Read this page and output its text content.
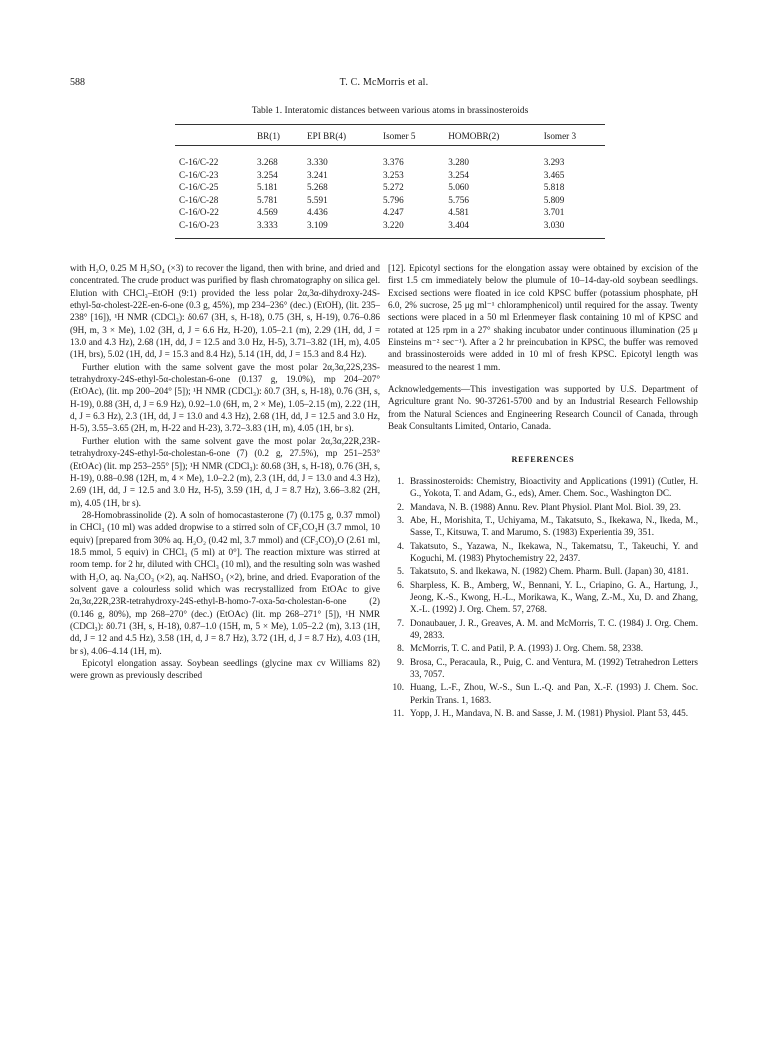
588	T. C. McMorris et al.
Table 1. Interatomic distances between various atoms in brassinosteroids
	BR(1)	EPI BR(4)	Isomer 5	HOMOBR(2)	Isomer 3
C-16/C-22	3.268	3.330	3.376	3.280	3.293
C-16/C-23	3.254	3.241	3.253	3.254	3.465
C-16/C-25	5.181	5.268	5.272	5.060	5.818
C-16/C-28	5.781	5.591	5.796	5.756	5.809
C-16/O-22	4.569	4.436	4.247	4.581	3.701
C-16/O-23	3.333	3.109	3.220	3.404	3.030

with H₂O, 0.25 M H₂SO₄ (×3) to recover the ligand, then with brine, and dried and concentrated. The crude product was purified by flash chromatography on silica gel. Elution with CHCl₃–EtOH (9:1) provided the less polar 2α,3α-dihydroxy-24S-ethyl-5α-cholest-22E-en-6-one (0.3 g, 45%), mp 234–236° (dec.) (EtOH), (lit. 235–238° [16]), ¹H NMR (CDCl₃): δ0.67 (3H, s, H-18), 0.75 (3H, s, H-19), 0.76–0.86 (9H, m, 3 × Me), 1.02 (3H, d, J = 6.6 Hz, H-20), 1.05–2.1 (m), 2.29 (1H, dd, J = 13.0 and 4.3 Hz), 2.68 (1H, dd, J = 12.5 and 3.0 Hz, H-5), 3.71–3.82 (1H, m), 4.05 (1H, brs), 5.02 (1H, dd, J = 15.3 and 8.4 Hz), 5.14 (1H, dd, J = 15.3 and 8.4 Hz).

Further elution with the same solvent gave the most polar 2α,3α,22S,23S-tetrahydroxy-24S-ethyl-5α-cholestan-6-one (0.137 g, 19.0%), mp 204–207° (EtOAc), (lit. mp 200–204° [5]); ¹H NMR (CDCl₃): δ0.7 (3H, s, H-18), 0.76 (3H, s, H-19), 0.88 (3H, d, J = 6.9 Hz), 0.92–1.0 (6H, m, 2 × Me), 1.05–2.15 (m), 2.22 (1H, d, J = 6.3 Hz), 2.3 (1H, dd, J = 13.0 and 4.3 Hz), 2.68 (1H, dd, J = 12.5 and 3.0 Hz, H-5), 3.55–3.65 (2H, m, H-22 and H-23), 3.72–3.83 (1H, m), 4.05 (1H, br s).

Further elution with the same solvent gave the most polar 2α,3α,22R,23R-tetrahydroxy-24S-ethyl-5α-cholestan-6-one (7) (0.2 g, 27.5%), mp 251–253° (EtOAc) (lit. mp 253–255° [5]); ¹H NMR (CDCl₃): δ0.68 (3H, s, H-18), 0.76 (3H, s, H-19), 0.88–0.98 (12H, m, 4 × Me), 1.0–2.2 (m), 2.3 (1H, dd, J = 13.0 and 4.3 Hz), 2.69 (1H, dd, J = 12.5 and 3.0 Hz, H-5), 3.59 (1H, d, J = 8.7 Hz), 3.66–3.82 (2H, m), 4.05 (1H, br s).

28-Homobrassinolide (2). A soln of homocastasterone (7) (0.175 g, 0.37 mmol) in CHCl₃ (10 ml) was added dropwise to a stirred soln of CF₃CO₃H (3.7 mmol, 10 equiv) [prepared from 30% aq. H₂O₂ (0.42 ml, 3.7 mmol) and (CF₃CO)₂O (2.61 ml, 18.5 mmol, 5 equiv) in CHCl₃ (5 ml) at 0°]. The reaction mixture was stirred at room temp. for 2 hr, diluted with CHCl₃ (10 ml), and the resulting soln was washed with H₂O, aq. Na₂CO₃ (×2), aq. NaHSO₃ (×2), brine, and dried. Evaporation of the solvent gave a colourless solid which was recrystallized from EtOAc to give 2α,3α,22R,23R-tetrahydroxy-24S-ethyl-B-homo-7-oxa-5α-cholestan-6-one (2) (0.146 g, 80%), mp 268–270° (dec.) (EtOAc) (lit. mp 268–271° [5]), ¹H NMR (CDCl₃): δ0.71 (3H, s, H-18), 0.87–1.0 (15H, m, 5 × Me), 1.05–2.2 (m), 3.13 (1H, dd, J = 12 and 4.5 Hz), 3.58 (1H, d, J = 8.7 Hz), 3.72 (1H, d, J = 8.7 Hz), 4.03 (1H, br s), 4.06–4.14 (1H, m).

Epicotyl elongation assay. Soybean seedlings (glycine max cv Williams 82) were grown as previously described

[12]. Epicotyl sections for the elongation assay were obtained by excision of the first 1.5 cm immediately below the plumule of 10–14-day-old soybean seedlings. Excised sections were floated in ice cold KPSC buffer (potassium phosphate, pH 6.0, 2% sucrose, 25 μg ml⁻¹ chloramphenicol) until required for the assay. Twenty sections were placed in a 50 ml Erlenmeyer flask containing 10 ml of KPSC and rotated at 125 rpm in a 27° shaking incubator under continuous illumination (25 μ Einsteins m⁻² sec⁻¹). After a 2 hr preincubation in KPSC, the buffer was removed and brassinosteroids were added in 10 ml of fresh KPSC. Epicotyl length was measured to the nearest 1 mm.

Acknowledgements—This investigation was supported by U.S. Department of Agriculture grant No. 90-37261-5700 and by an Industrial Research Fellowship from the Natural Sciences and Engineering Research Council of Canada, through Beak Consultants Limited, Ontario, Canada.

REFERENCES
1. Brassinosteroids: Chemistry, Bioactivity and Applications (1991) (Cutler, H. G., Yokota, T. and Adam, G., eds), Amer. Chem. Soc., Washington DC.
2. Mandava, N. B. (1988) Annu. Rev. Plant Physiol. Plant Mol. Biol. 39, 23.
3. Abe, H., Morishita, T., Uchiyama, M., Takatsuto, S., Ikekawa, N., Ikeda, M., Sasse, T., Kitsuwa, T. and Marumo, S. (1983) Experientia 39, 351.
4. Takatsuto, S., Yazawa, N., Ikekawa, N., Takematsu, T., Takeuchi, Y. and Koguchi, M. (1983) Phytochemistry 22, 2437.
5. Takatsuto, S. and Ikekawa, N. (1982) Chem. Pharm. Bull. (Japan) 30, 4181.
6. Sharpless, K. B., Amberg, W., Bennani, Y. L., Criapino, G. A., Hartung, J., Jeong, K.-S., Kwong, H.-L., Morikawa, K., Wang, Z.-M., Xu, D. and Zhang, X.-L. (1992) J. Org. Chem. 57, 2768.
7. Donaubauer, J. R., Greaves, A. M. and McMorris, T. C. (1984) J. Org. Chem. 49, 2833.
8. McMorris, T. C. and Patil, P. A. (1993) J. Org. Chem. 58, 2338.
9. Brosa, C., Peracaula, R., Puig, C. and Ventura, M. (1992) Tetrahedron Letters 33, 7057.
10. Huang, L.-F., Zhou, W.-S., Sun L.-Q. and Pan, X.-F. (1993) J. Chem. Soc. Perkin Trans. 1, 1683.
11. Yopp, J. H., Mandava, N. B. and Sasse, J. M. (1981) Physiol. Plant 53, 445.
